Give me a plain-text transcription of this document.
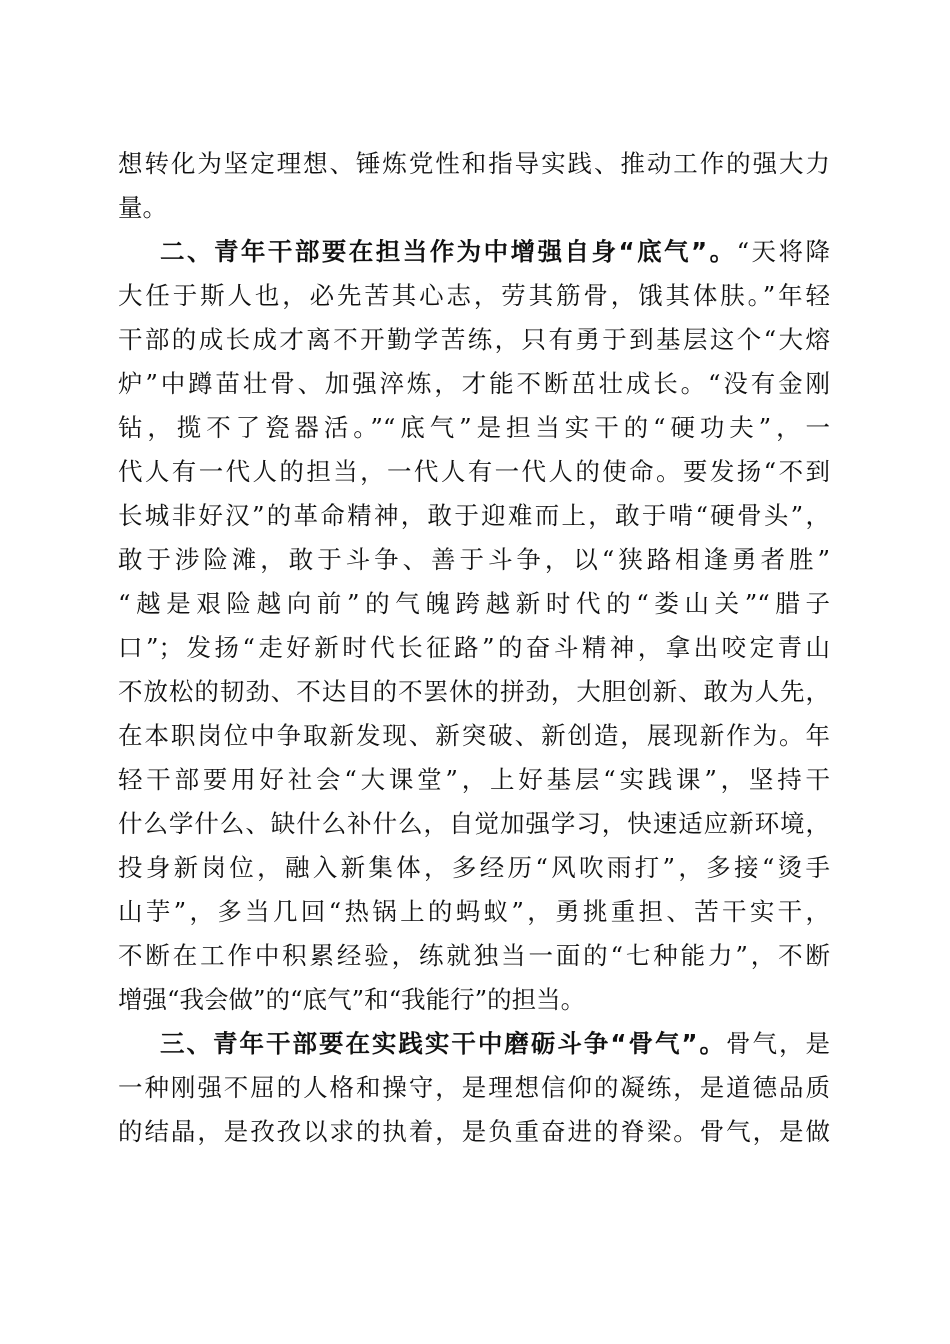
想转化为坚定理想、锤炼党性和指导实践、推动工作的强大力
量。
二、青年干部要在担当作为中增强自身“底气”。“天将降
大任于斯人也，必先苦其心志，劳其筋骨，饿其体肤。”年轻
干部的成长成才离不开勤学苦练，只有勇于到基层这个“大熔
炉”中蹲苗壮骨、加强淬炼，才能不断茁壮成长。“没有金刚
钻，揽不了瓷器活。”“底气”是担当实干的“硬功夫”，一
代人有一代人的担当，一代人有一代人的使命。要发扬“不到
长城非好汉”的革命精神，敢于迎难而上，敢于啃“硬骨头”，
敢于涉险滩，敢于斗争、善于斗争，以“狭路相逢勇者胜”
“越是艰险越向前”的气魄跨越新时代的“娄山关”“腊子
口”；发扬“走好新时代长征路”的奋斗精神，拿出咬定青山
不放松的韧劲、不达目的不罢休的拼劲，大胆创新、敢为人先，
在本职岗位中争取新发现、新突破、新创造，展现新作为。年
轻干部要用好社会“大课堂”，上好基层“实践课”，坚持干
什么学什么、缺什么补什么，自觉加强学习，快速适应新环境，
投身新岗位，融入新集体，多经历“风吹雨打”，多接“烫手
山芋”，多当几回“热锅上的蚂蚁”，勇挑重担、苦干实干，
不断在工作中积累经验，练就独当一面的“七种能力”，不断
增强“我会做”的“底气”和“我能行”的担当。
三、青年干部要在实践实干中磨砺斗争“骨气”。骨气，是
一种刚强不屈的人格和操守，是理想信仰的凝练，是道德品质
的结晶，是孜孜以求的执着，是负重奋进的脊梁。骨气，是做
